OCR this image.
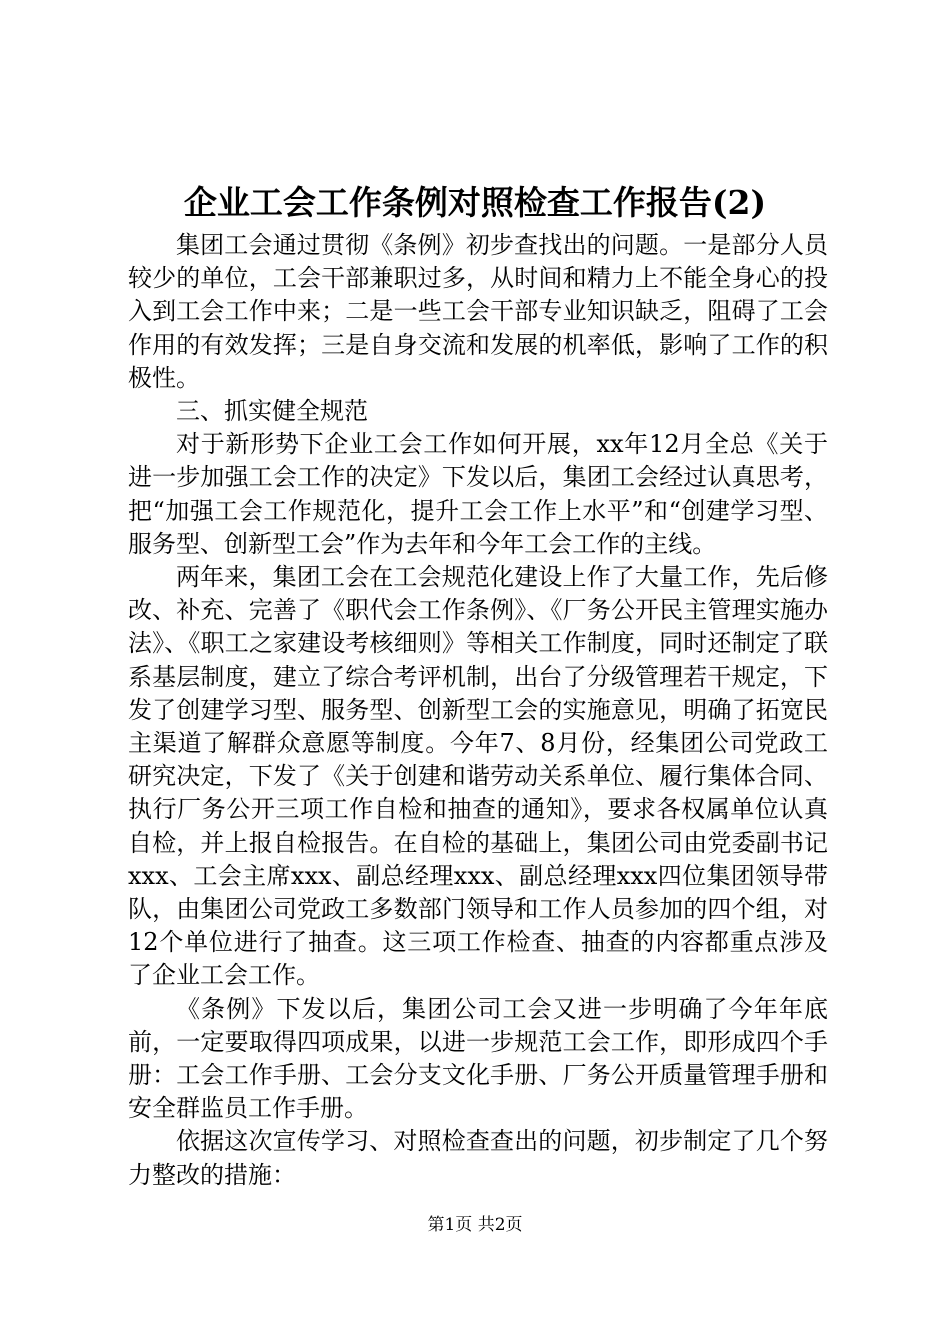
企业工会工作条例对照检查工作报告(2)

集团工会通过贯彻《条例》初步查找出的问题。一是部分人员较少的单位，工会干部兼职过多，从时间和精力上不能全身心的投入到工会工作中来；二是一些工会干部专业知识缺乏，阻碍了工会作用的有效发挥；三是自身交流和发展的机率低，影响了工作的积极性。

三、抓实健全规范

对于新形势下企业工会工作如何开展，xx年12月全总《关于进一步加强工会工作的决定》下发以后，集团工会经过认真思考，把“加强工会工作规范化，提升工会工作上水平”和“创建学习型、服务型、创新型工会”作为去年和今年工会工作的主线。

两年来，集团工会在工会规范化建设上作了大量工作，先后修改、补充、完善了《职代会工作条例》、《厂务公开民主管理实施办法》、《职工之家建设考核细则》等相关工作制度，同时还制定了联系基层制度，建立了综合考评机制，出台了分级管理若干规定，下发了创建学习型、服务型、创新型工会的实施意见，明确了拓宽民主渠道了解群众意愿等制度。今年7、8月份，经集团公司党政工研究决定，下发了《关于创建和谐劳动关系单位、履行集体合同、执行厂务公开三项工作自检和抽查的通知》，要求各权属单位认真自检，并上报自检报告。在自检的基础上，集团公司由党委副书记xxx、工会主席xxx、副总经理xxx、副总经理xxx四位集团领导带队，由集团公司党政工多数部门领导和工作人员参加的四个组，对12个单位进行了抽查。这三项工作检查、抽查的内容都重点涉及了企业工会工作。

《条例》下发以后，集团公司工会又进一步明确了今年年底前，一定要取得四项成果，以进一步规范工会工作，即形成四个手册：工会工作手册、工会分支文化手册、厂务公开质量管理手册和安全群监员工作手册。

依据这次宣传学习、对照检查查出的问题，初步制定了几个努力整改的措施：

第1页 共2页
